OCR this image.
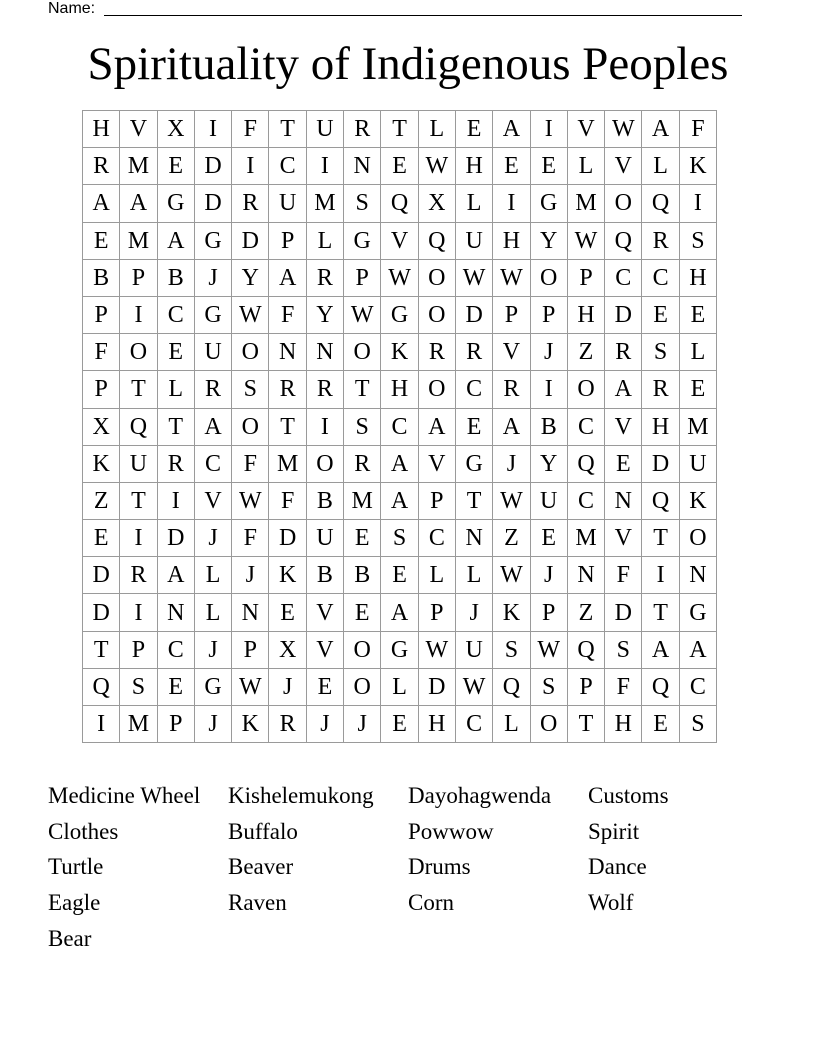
Name:
Spirituality of Indigenous Peoples
H	V	X	I	F	T	U	R	T	L	E	A	I	V	W	A	F
R	M	E	D	I	C	I	N	E	W	H	E	E	L	V	L	K
A	A	G	D	R	U	M	S	Q	X	L	I	G	M	O	Q	I
E	M	A	G	D	P	L	G	V	Q	U	H	Y	W	Q	R	S
B	P	B	J	Y	A	R	P	W	O	W	W	O	P	C	C	H
P	I	C	G	W	F	Y	W	G	O	D	P	P	H	D	E	E
F	O	E	U	O	N	N	O	K	R	R	V	J	Z	R	S	L
P	T	L	R	S	R	R	T	H	O	C	R	I	O	A	R	E
X	Q	T	A	O	T	I	S	C	A	E	A	B	C	V	H	M
K	U	R	C	F	M	O	R	A	V	G	J	Y	Q	E	D	U
Z	T	I	V	W	F	B	M	A	P	T	W	U	C	N	Q	K
E	I	D	J	F	D	U	E	S	C	N	Z	E	M	V	T	O
D	R	A	L	J	K	B	B	E	L	L	W	J	N	F	I	N
D	I	N	L	N	E	V	E	A	P	J	K	P	Z	D	T	G
T	P	C	J	P	X	V	O	G	W	U	S	W	Q	S	A	A
Q	S	E	G	W	J	E	O	L	D	W	Q	S	P	F	Q	C
I	M	P	J	K	R	J	J	E	H	C	L	O	T	H	E	S
Medicine Wheel	Kishelemukong	Dayohagwenda	Customs
Clothes	Buffalo	Powwow	Spirit
Turtle	Beaver	Drums	Dance
Eagle	Raven	Corn	Wolf
Bear
